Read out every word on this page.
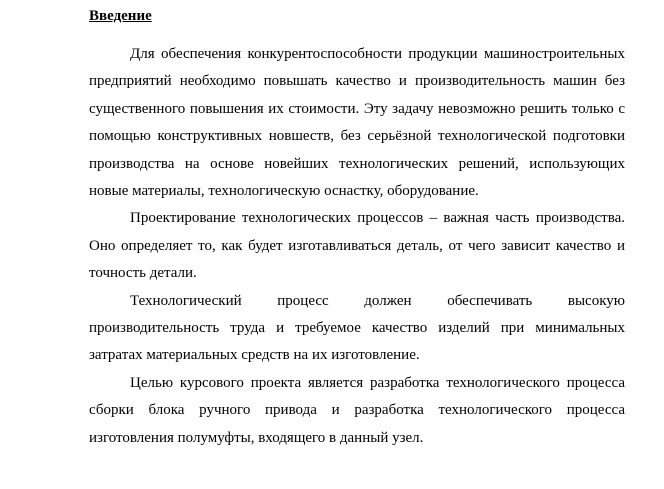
Введение

Для обеспечения конкурентоспособности продукции машиностроительных предприятий необходимо повышать качество и производительность машин без существенного повышения их стоимости. Эту задачу невозможно решить только с помощью конструктивных новшеств, без серьёзной технологической подготовки производства на основе новейших технологических решений, использующих новые материалы, технологическую оснастку, оборудование.

Проектирование технологических процессов – важная часть производства. Оно определяет то, как будет изготавливаться деталь, от чего зависит качество и точность детали.

Технологический процесс должен обеспечивать высокую производительность труда и требуемое качество изделий при минимальных затратах материальных средств на их изготовление.

Целью курсового проекта является разработка технологического процесса сборки блока ручного привода и разработка технологического процесса изготовления полумуфты, входящего в данный узел.
